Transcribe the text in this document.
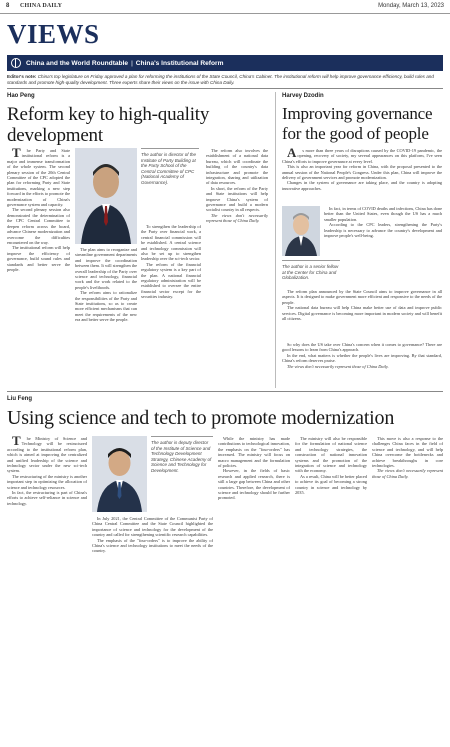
8 CHINA DAILY	Monday, March 13, 2023
VIEWS
China and the World Roundtable | China's Institutional Reform
Editor's note: China's top legislature on Friday approved a plan for reforming the institutions of the State Council, China's Cabinet. The institutional reform will help improve governance efficiency, build rules and standards and promote high-quality development. Three experts share their views on the issue with China Daily.
Hao Peng
Reform key to high-quality
development

The Party and State institutional reform is a major and immense transformation of the whole system. The second plenary session of the 20th Central Committee of the CPC adopted the plan for reforming Party and State institutions, marking a new step forward in the efforts to promote the modernization of China's governance system and capacity.

The second plenary session also demonstrated the determination of the CPC Central Committee to deepen reform across the board, advance Chinese modernization and overcome the difficulties encountered on the way.

The institutional reform will help improve the efficiency of governance, build sound rules and standards and better serve the people.

The plan aims to reorganize and streamline government departments and improve the coordination between them. It will strengthen the overall leadership of the Party over science and technology, financial work and the work related to the people's livelihoods.

The reform aims to rationalize the responsibilities of the Party and State institutions, so as to create more efficient mechanisms that can meet the requirements of the new era and better serve the people.

The author is director of the Institute of Party Building at the Party School of the Central Committee of CPC (National Academy of Governance).

To strengthen the leadership of the Party over financial work, a central financial commission will be established. A central science and technology commission will also be set up to strengthen leadership over the sci-tech sector.

The reform of the financial regulatory system is a key part of the plan. A national financial regulatory administration will be established to oversee the entire financial sector except for the securities industry.

The reform also involves the establishment of a national data bureau, which will coordinate the building of the country's data infrastructure and promote the integration, sharing and utilization of data resources.

In short, the reform of the Party and State institutions will help improve China's system of governance and build a modern socialist country in all respects.

The views don't necessarily represent those of China Daily.

Harvey Dzodin
Improving governance
for the good of people

As more than three years of disruptions caused by the COVID-19 pandemic, the opening, recovery of society, my several appearances on this platform, I've seen China's efforts to improve governance at every level.

This is also an important year for reform in China, with the proposal presented to the annual session of the National People's Congress. Under this plan, China will improve the delivery of government services and promote modernization.

Changes in the system of governance are taking place, and the country is adopting innovative approaches.

In fact, in terms of COVID deaths and infections, China has done better than the United States, even though the US has a much smaller population.

According to the CPC leaders, strengthening the Party's leadership is necessary to advance the country's development and improve people's well-being.

The author is a senior fellow at the Center for China and Globalization.

The reform plan announced by the State Council aims to improve governance in all aspects. It is designed to make government more efficient and responsive to the needs of the people.

The national data bureau will help China make better use of data and improve public services. Digital governance is becoming more important in modern society and will benefit all citizens.

So why does the US take over China's concern when it comes to governance? There are good lessons to learn from China's approach.

In the end, what matters is whether the people's lives are improving. By that standard, China's reform deserves praise.

The views don't necessarily represent those of China Daily.

Liu Feng
Using science and tech to promote modernization

The Ministry of Science and Technology will be restructured according to the institutional reform plan, which is aimed at improving the centralized and unified leadership of the science and technology sector under the new sci-tech system.

The restructuring of the ministry is another important step in optimizing the allocation of science and technology resources.

In fact, the restructuring is part of China's efforts to achieve self-reliance in science and technology.

The author is deputy director of the Institute of Science and Technology Development Strategy, Chinese Academy of Science and Technology for Development.

In July 2021, the Central Committee of the Communist Party of China Central Committee and the State Council highlighted the importance of science and technology for the development of the country and called for strengthening scientific research capabilities.

The emphasis of the "four-orders" is to improve the ability of China's science and technology institutions to meet the needs of the country.

While the ministry has made contributions to technological innovation, the emphasis on the "four-orders" has increased. The ministry will focus on macro management and the formulation of policies.

However, in the fields of basic research and applied research, there is still a large gap between China and other countries. Therefore, the development of science and technology should be further promoted.

The ministry will also be responsible for the formulation of national science and technology strategies, the construction of national innovation systems and the promotion of the integration of science and technology with the economy.

As a result, China will be better placed to achieve its goal of becoming a strong country in science and technology by 2035.

This move is also a response to the challenges China faces in the field of science and technology, and will help China overcome the bottlenecks and achieve breakthroughs in core technologies.

The views don't necessarily represent those of China Daily.
